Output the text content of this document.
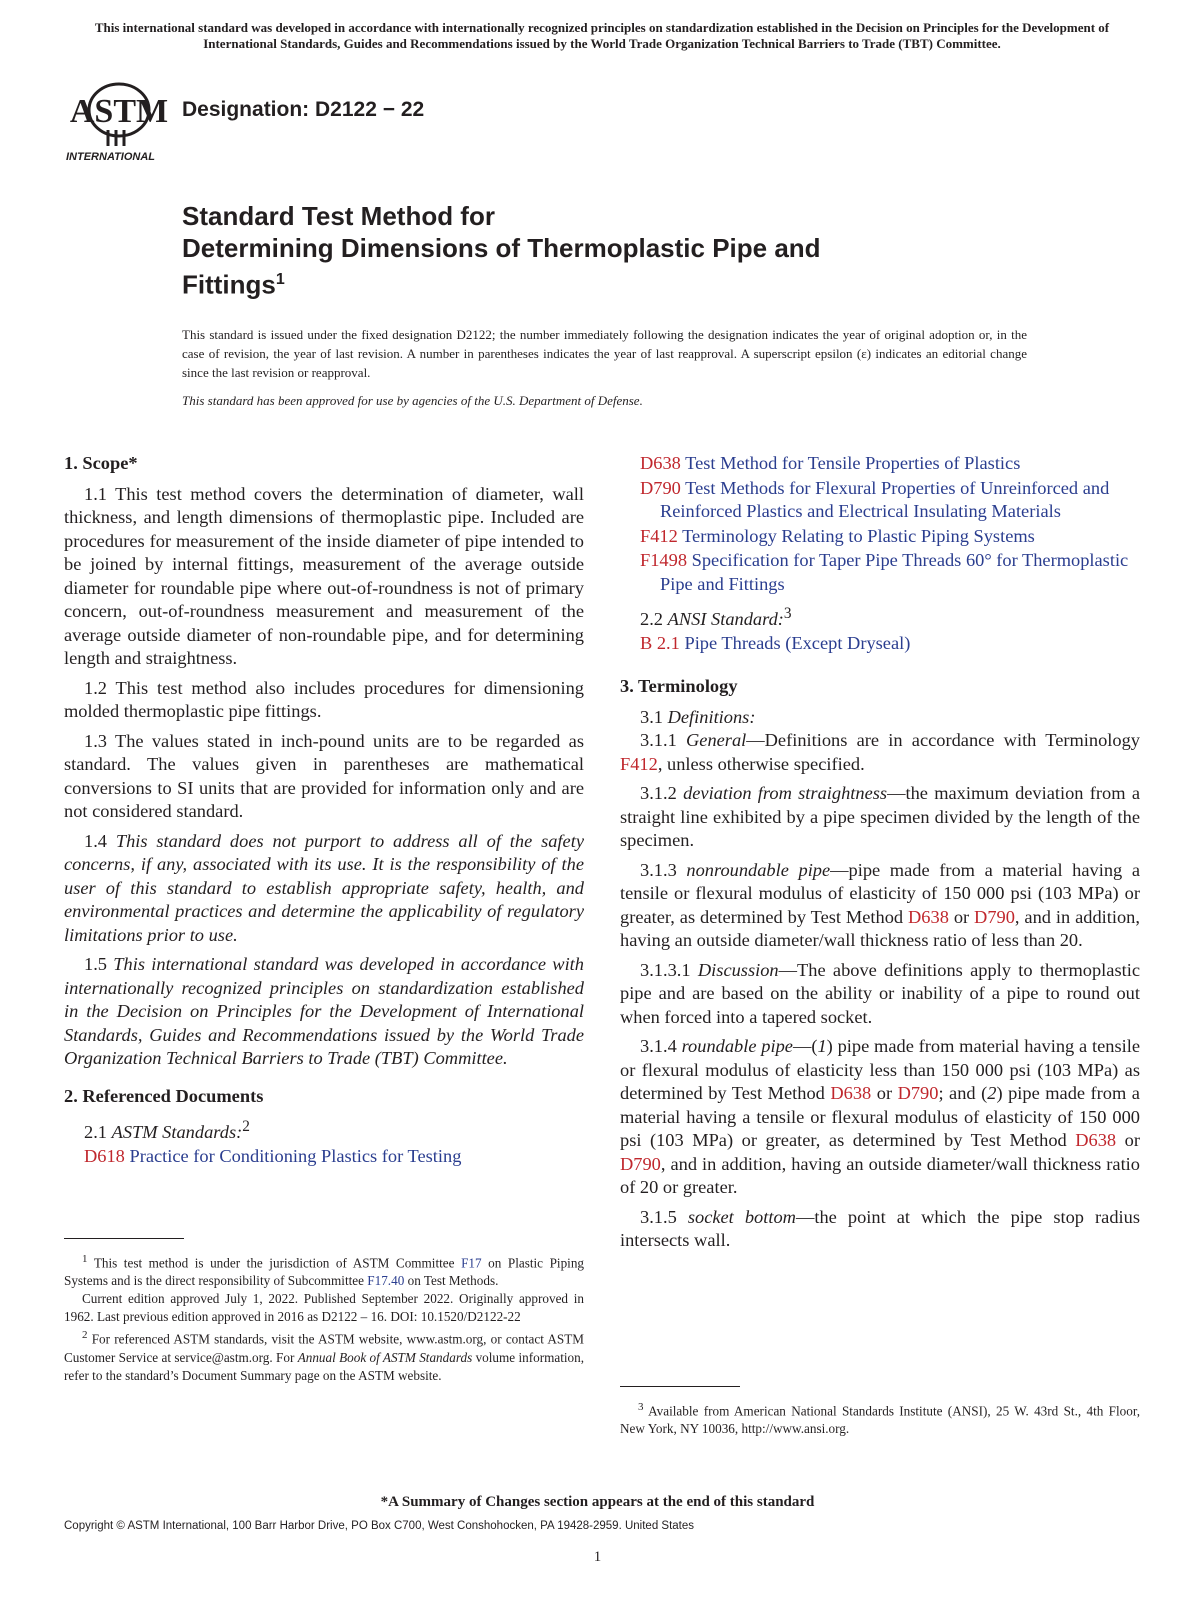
This international standard was developed in accordance with internationally recognized principles on standardization established in the Decision on Principles for the Development of International Standards, Guides and Recommendations issued by the World Trade Organization Technical Barriers to Trade (TBT) Committee.
ASTM
INTERNATIONAL
Designation: D2122 − 22
Standard Test Method for
Determining Dimensions of Thermoplastic Pipe and
Fittings$^1$
This standard is issued under the fixed designation D2122; the number immediately following the designation indicates the year of original adoption or, in the case of revision, the year of last revision. A number in parentheses indicates the year of last reapproval. A superscript epsilon (ε) indicates an editorial change since the last revision or reapproval.
This standard has been approved for use by agencies of the U.S. Department of Defense.
1. Scope*

1.1 This test method covers the determination of diameter, wall thickness, and length dimensions of thermoplastic pipe. Included are procedures for measurement of the inside diameter of pipe intended to be joined by internal fittings, measurement of the average outside diameter for roundable pipe where out-of-roundness is not of primary concern, out-of-roundness measurement and measurement of the average outside diameter of non-roundable pipe, and for determining length and straightness.

1.2 This test method also includes procedures for dimensioning molded thermoplastic pipe fittings.

1.3 The values stated in inch-pound units are to be regarded as standard. The values given in parentheses are mathematical conversions to SI units that are provided for information only and are not considered standard.

1.4 This standard does not purport to address all of the safety concerns, if any, associated with its use. It is the responsibility of the user of this standard to establish appropriate safety, health, and environmental practices and determine the applicability of regulatory limitations prior to use.

1.5 This international standard was developed in accordance with internationally recognized principles on standardization established in the Decision on Principles for the Development of International Standards, Guides and Recommendations issued by the World Trade Organization Technical Barriers to Trade (TBT) Committee.

2. Referenced Documents

2.1 ASTM Standards:$^2$

D618 Practice for Conditioning Plastics for Testing
D638 Test Method for Tensile Properties of Plastics
D790 Test Methods for Flexural Properties of Unreinforced and Reinforced Plastics and Electrical Insulating Materials
F412 Terminology Relating to Plastic Piping Systems
F1498 Specification for Taper Pipe Threads 60° for Thermoplastic Pipe and Fittings

2.2 ANSI Standard:$^3$

B 2.1 Pipe Threads (Except Dryseal)
3. Terminology

3.1 Definitions:

3.1.1 General—Definitions are in accordance with Terminology F412, unless otherwise specified.

3.1.2 deviation from straightness—the maximum deviation from a straight line exhibited by a pipe specimen divided by the length of the specimen.

3.1.3 nonroundable pipe—pipe made from a material having a tensile or flexural modulus of elasticity of 150 000 psi (103 MPa) or greater, as determined by Test Method D638 or D790, and in addition, having an outside diameter/wall thickness ratio of less than 20.

3.1.3.1 Discussion—The above definitions apply to thermoplastic pipe and are based on the ability or inability of a pipe to round out when forced into a tapered socket.

3.1.4 roundable pipe—(1) pipe made from material having a tensile or flexural modulus of elasticity less than 150 000 psi (103 MPa) as determined by Test Method D638 or D790; and (2) pipe made from a material having a tensile or flexural modulus of elasticity of 150 000 psi (103 MPa) or greater, as determined by Test Method D638 or D790, and in addition, having an outside diameter/wall thickness ratio of 20 or greater.

3.1.5 socket bottom—the point at which the pipe stop radius intersects wall.

$^1$ This test method is under the jurisdiction of ASTM Committee F17 on Plastic Piping Systems and is the direct responsibility of Subcommittee F17.40 on Test Methods.

Current edition approved July 1, 2022. Published September 2022. Originally approved in 1962. Last previous edition approved in 2016 as D2122 – 16. DOI: 10.1520/D2122-22

$^2$ For referenced ASTM standards, visit the ASTM website, www.astm.org, or contact ASTM Customer Service at service@astm.org. For Annual Book of ASTM Standards volume information, refer to the standard’s Document Summary page on the ASTM website.

$^3$ Available from American National Standards Institute (ANSI), 25 W. 43rd St., 4th Floor, New York, NY 10036, http://www.ansi.org.

*A Summary of Changes section appears at the end of this standard
Copyright © ASTM International, 100 Barr Harbor Drive, PO Box C700, West Conshohocken, PA 19428-2959. United States
1
